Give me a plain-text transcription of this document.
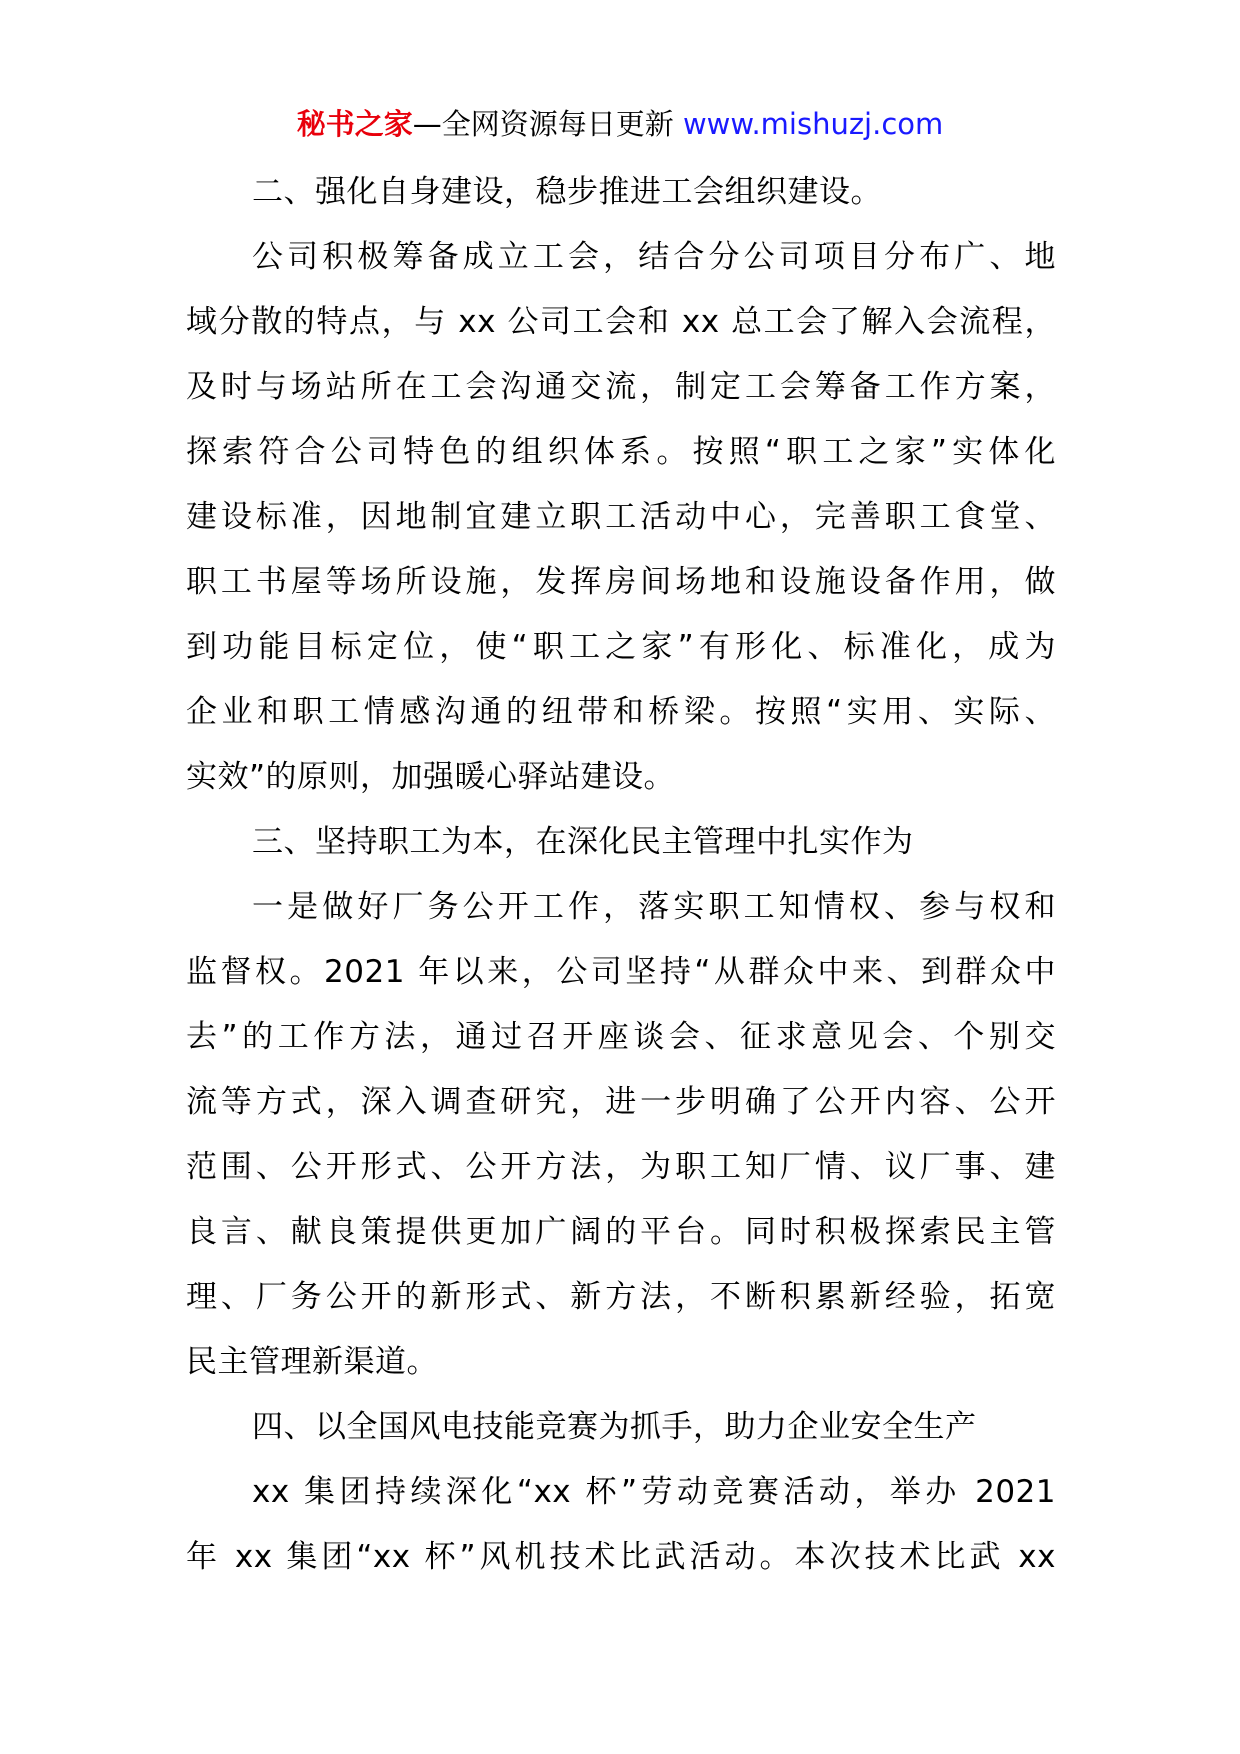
秘书之家—全网资源每日更新 www.mishuzj.com
二、强化自身建设，稳步推进工会组织建设。
公司积极筹备成立工会，结合分公司项目分布广、地
域分散的特点，与 xx 公司工会和 xx 总工会了解入会流程，
及时与场站所在工会沟通交流，制定工会筹备工作方案，
探索符合公司特色的组织体系。按照“职工之家”实体化
建设标准，因地制宜建立职工活动中心，完善职工食堂、
职工书屋等场所设施，发挥房间场地和设施设备作用，做
到功能目标定位，使“职工之家”有形化、标准化，成为
企业和职工情感沟通的纽带和桥梁。按照“实用、实际、
实效”的原则，加强暖心驿站建设。
三、坚持职工为本，在深化民主管理中扎实作为
一是做好厂务公开工作，落实职工知情权、参与权和
监督权。2021 年以来，公司坚持“从群众中来、到群众中
去”的工作方法，通过召开座谈会、征求意见会、个别交
流等方式，深入调查研究，进一步明确了公开内容、公开
范围、公开形式、公开方法，为职工知厂情、议厂事、建
良言、献良策提供更加广阔的平台。同时积极探索民主管
理、厂务公开的新形式、新方法，不断积累新经验，拓宽
民主管理新渠道。
四、以全国风电技能竞赛为抓手，助力企业安全生产
xx 集团持续深化“xx 杯”劳动竞赛活动，举办 2021
年 xx 集团“xx 杯”风机技术比武活动。本次技术比武 xx
